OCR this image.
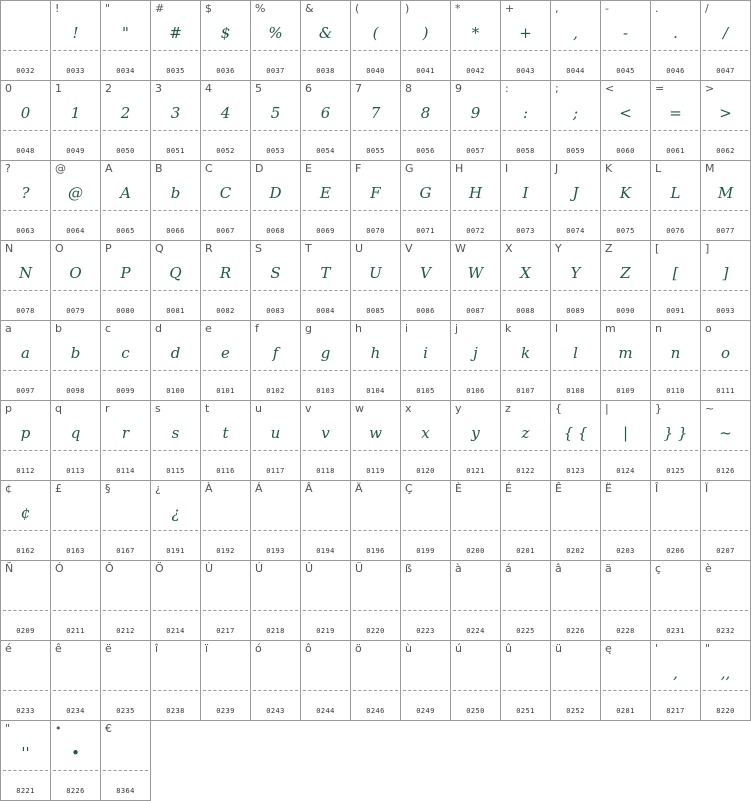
0032
!
!
0033
"
"
0034
#
#
0035
$
$
0036
%
%
0037
&
&
0038
(
(
0040
)
)
0041
*
*
0042
+
+
0043
,
,
0044
-
-
0045
.
.
0046
/
/
0047
0
0
0048
1
1
0049
2
2
0050
3
3
0051
4
4
0052
5
5
0053
6
6
0054
7
7
0055
8
8
0056
9
9
0057
:
:
0058
;
;
0059
<
<
0060
=
=
0061
>
>
0062
?
?
0063
@
@
0064
A
A
0065
B
b
0066
C
C
0067
D
D
0068
E
E
0069
F
F
0070
G
G
0071
H
H
0072
I
I
0073
J
J
0074
K
K
0075
L
L
0076
M
M
0077
N
N
0078
O
O
0079
P
P
0080
Q
Q
0081
R
R
0082
S
S
0083
T
T
0084
U
U
0085
V
V
0086
W
W
0087
X
X
0088
Y
Y
0089
Z
Z
0090
[
[
0091
]
]
0093
a
a
0097
b
b
0098
c
c
0099
d
d
0100
e
e
0101
f
f
0102
g
g
0103
h
h
0104
i
i
0105
j
j
0106
k
k
0107
l
l
0108
m
m
0109
n
n
0110
o
o
0111
p
p
0112
q
q
0113
r
r
0114
s
s
0115
t
t
0116
u
u
0117
v
v
0118
w
w
0119
x
x
0120
y
y
0121
z
z
0122
{
{ {
0123
|
|
0124
}
} }
0125
~
~
0126
¢
¢
0162
£
0163
§
0167
¿
¿
0191
À
0192
Á
0193
Â
0194
Ä
0196
Ç
0199
È
0200
É
0201
Ê
0202
Ë
0203
Î
0206
Ï
0207
Ñ
0209
Ó
0211
Ô
0212
Ö
0214
Ù
0217
Ú
0218
Û
0219
Ü
0220
ß
0223
à
0224
á
0225
â
0226
ä
0228
ç
0231
è
0232
é
0233
ê
0234
ë
0235
î
0238
ï
0239
ó
0243
ô
0244
ö
0246
ù
0249
ú
0250
û
0251
ü
0252
ę
0281
'
,
8217
"
,,
8220
"
''
8221
•
•
8226
€
8364
